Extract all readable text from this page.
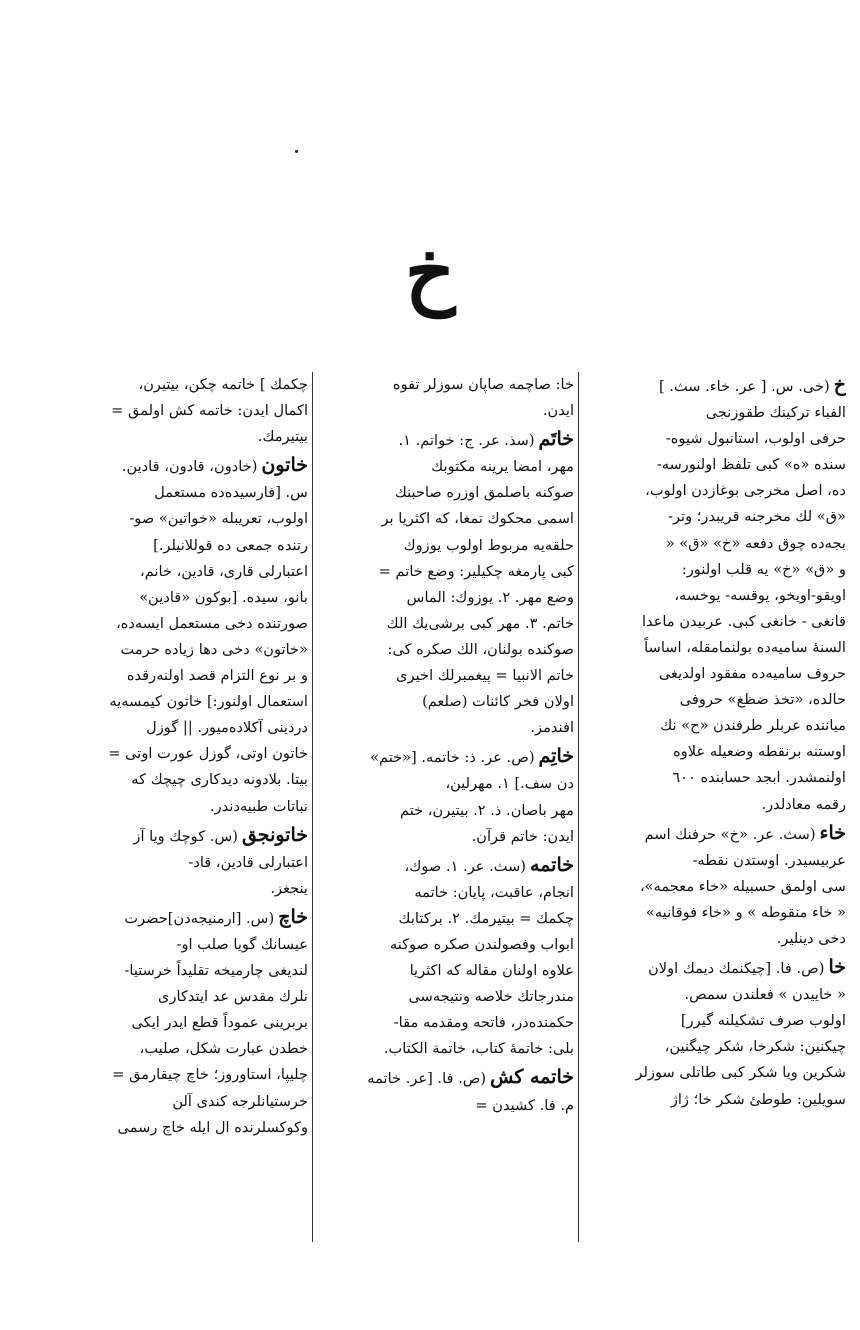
خ
خ(خی. س. [ عر. خاء. سث. ]
الفباء ترکینك طقوزنجی
حرفی اولوب، استانبول شیوه-
سنده «ه» کبی تلفظ اولنورسه-
ده، اصل مخرجی بوغازدن اولوب،
«ق» لك مخرجنه قریبدر؛ وتر-
بجه‌ده چوق دفعه «خ» «ق» «
و «ق» «خ» یه قلب اولنور:
اویقو-اویخو، یوقسه- یوخسه،
قانغی - خانغی کبی. عربیدن ماعدا
السنهٔ سامیه‌ده بولنمامقله، اساساً
حروف سامیه‌ده مفقود اولدیغی
حالده، «تخذ ضظغ» حروفی
میاننده عربلر طرفندن «ح» نك
اوستنه برنقطه وضعیله علاوه
اولنمشدر. ابجد حسابنده ٦٠٠
رقمه معادلدر.
خاء(سث. عر. «خ» حرفنك اسم
عربیسیدر. اوستدن نقطه-
سی اولمق حسبیله «خاء معجمه»،
« خاء منقوطه » و «خاء فوقانیه»
دخی دینلیر.
خا(ص. فا. [چیکنمك دیمك اولان
« خاییدن » فعلندن سمص.
اولوب صرف تشکیلنه گیرر]
چیکنین: شکرخا، شکر چیگنین،
شکرین ویا شکر کبی طاتلی سوزلر
سویلین: طوطیٔ شکر خا؛ ژاژ
خا: صاچمه صاپان سوزلر تفوه
ایدن.
خاتَم(سذ. عر. ج: خواتم. ١.
مهر، امضا یرینه مکتوبك
صوکنه باصلمق اوزره صاحبنك
اسمی محکوك تمغا، که اکثریا بر
حلقه‌یه مربوط اولوب یوزوك
کبی پارمغه چکیلیر: وضع خاتم =
وضع مهر. ٢. یوزوك: الماس
خاتم. ٣. مهر کبی برشی‌یك الك
صوکنده بولنان، الك صکره کی:
خاتم الانبیا = پیغمبرلك اخیری
اولان فخر کائنات (صلعم)
افندمز.
خاتِم(ص. عر. ذ: خاتمه. [«ختم»
دن سف.] ١. مهرلین،
مهر باصان. ذ. ٢. بیتیرن، ختم
ایدن: خاتم قرآن.
خاتمه(سث. عر. ١. صوك،
انجام، عاقبت، پایان: خاتمه
چکمك = بیتیرمك. ٢. برکتابك
ابواب وفصولندن صکره صوکنه
علاوه اولنان مقاله که اکثریا
مندرجاتك خلاصه ونتیجه‌سی
حکمنده‌در، فاتحه ومقدمه مقا-
بلی: خاتمهٔ کتاب، خاتمة الکتاب.
خاتمه کش(ص. فا. [عر. خاتمه
م. فا. کشیدن =
چکمك ] خاتمه چکن، بیتیرن،
اکمال ایدن: خاتمه کش اولمق =
بیتیرمك.
خاتون(خادون، قادون، قادین.
س. [فارسیده‌ده مستعمل
اولوب، تعریبله «خواتین» صو-
رتنده جمعی ده قوللانیلر.]
اعتبارلی قاری، قادین، خانم،
بانو، سیده. [بوکون «قادین»
صورتنده دخی مستعمل ایسه‌ده،
«خاتون» دخی دها زیاده حرمت
و بر نوع التزام قصد اولنه‌رقده
استعمال اولنور:] خاتون کیمسه‌یه
دردینی آکلاده‌میور. || گوزل
خاتون اوتی، گوزل عورت اوتی =
بیتا. بلادونه دیدکاری چیچك که
نباتات طبیه‌دندر.
خاتونجق(س. کوچك ویا آز
اعتبارلی قادین، قاد-
ینجغز.
خاچ(س. [ارمنیجه‌دن]حضرت
عیسانك گویا صلب او-
لندیغی چارمیخه تقلیداً خرستیا-
نلرك مقدس عد ایتدکاری
بربرینی عموداً قطع ایدر ایکی
خطدن عبارت شکل، صلیب،
چلیپا، استاوروز؛ خاچ چیقارمق =
خرستیانلرجه کندی آلن
وکوکسلرنده ال ایله خاچ رسمی
